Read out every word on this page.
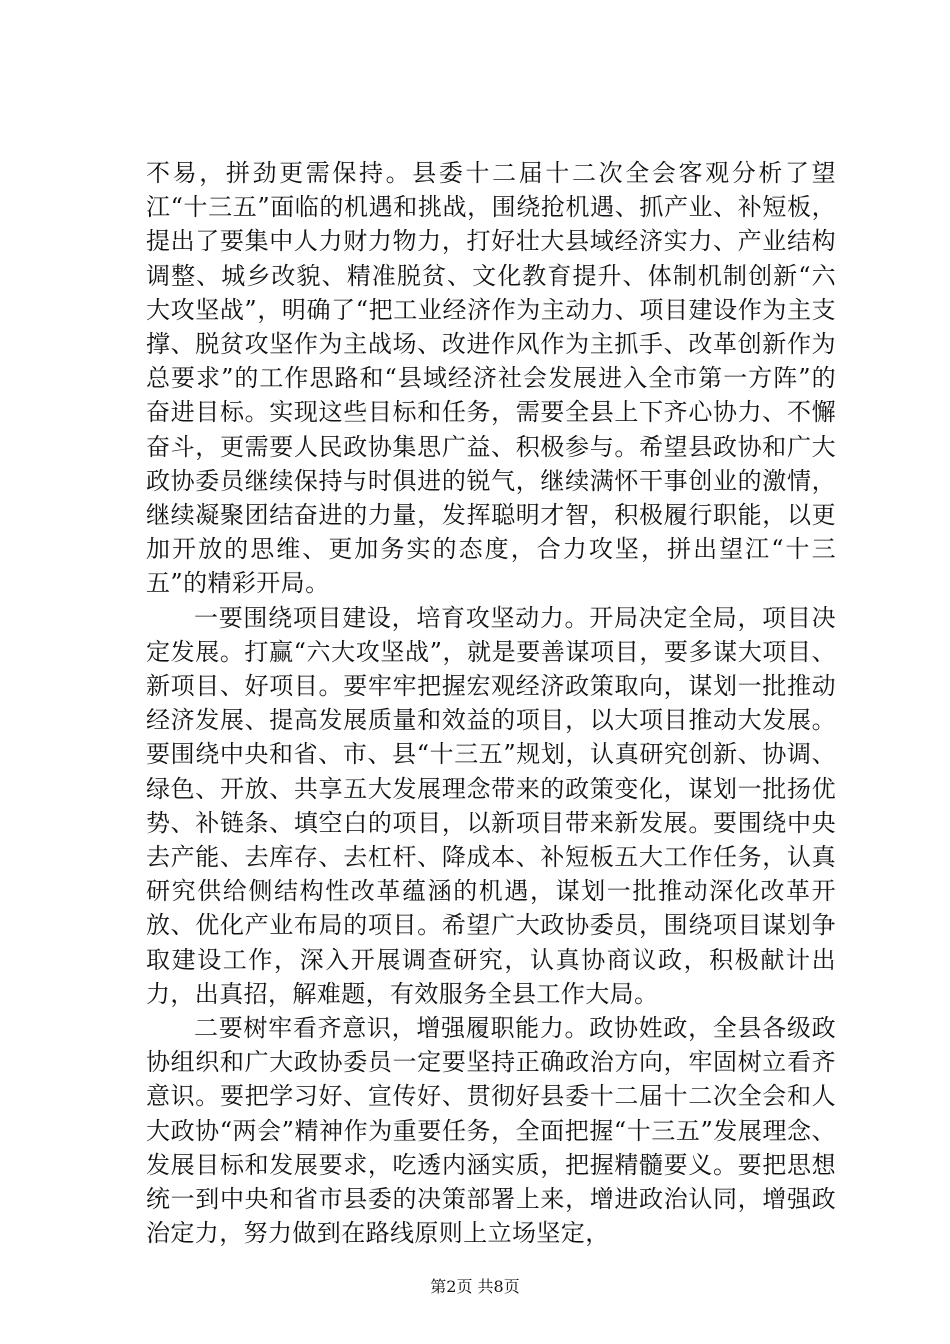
不易，拼劲更需保持。县委十二届十二次全会客观分析了望江“十三五”面临的机遇和挑战，围绕抢机遇、抓产业、补短板，提出了要集中人力财力物力，打好壮大县域经济实力、产业结构调整、城乡改貌、精准脱贫、文化教育提升、体制机制创新“六大攻坚战”，明确了“把工业经济作为主动力、项目建设作为主支撑、脱贫攻坚作为主战场、改进作风作为主抓手、改革创新作为总要求”的工作思路和“县域经济社会发展进入全市第一方阵”的奋进目标。实现这些目标和任务，需要全县上下齐心协力、不懈奋斗，更需要人民政协集思广益、积极参与。希望县政协和广大政协委员继续保持与时俱进的锐气，继续满怀干事创业的激情，继续凝聚团结奋进的力量，发挥聪明才智，积极履行职能，以更加开放的思维、更加务实的态度，合力攻坚，拼出望江“十三五”的精彩开局。

一要围绕项目建设，培育攻坚动力。开局决定全局，项目决定发展。打赢“六大攻坚战”，就是要善谋项目，要多谋大项目、新项目、好项目。要牢牢把握宏观经济政策取向，谋划一批推动经济发展、提高发展质量和效益的项目，以大项目推动大发展。要围绕中央和省、市、县“十三五”规划，认真研究创新、协调、绿色、开放、共享五大发展理念带来的政策变化，谋划一批扬优势、补链条、填空白的项目，以新项目带来新发展。要围绕中央去产能、去库存、去杠杆、降成本、补短板五大工作任务，认真研究供给侧结构性改革蕴涵的机遇，谋划一批推动深化改革开放、优化产业布局的项目。希望广大政协委员，围绕项目谋划争取建设工作，深入开展调查研究，认真协商议政，积极献计出力，出真招，解难题，有效服务全县工作大局。

二要树牢看齐意识，增强履职能力。政协姓政，全县各级政协组织和广大政协委员一定要坚持正确政治方向，牢固树立看齐意识。要把学习好、宣传好、贯彻好县委十二届十二次全会和人大政协“两会”精神作为重要任务，全面把握“十三五”发展理念、发展目标和发展要求，吃透内涵实质，把握精髓要义。要把思想统一到中央和省市县委的决策部署上来，增进政治认同，增强政治定力，努力做到在路线原则上立场坚定，

第2页 共8页
